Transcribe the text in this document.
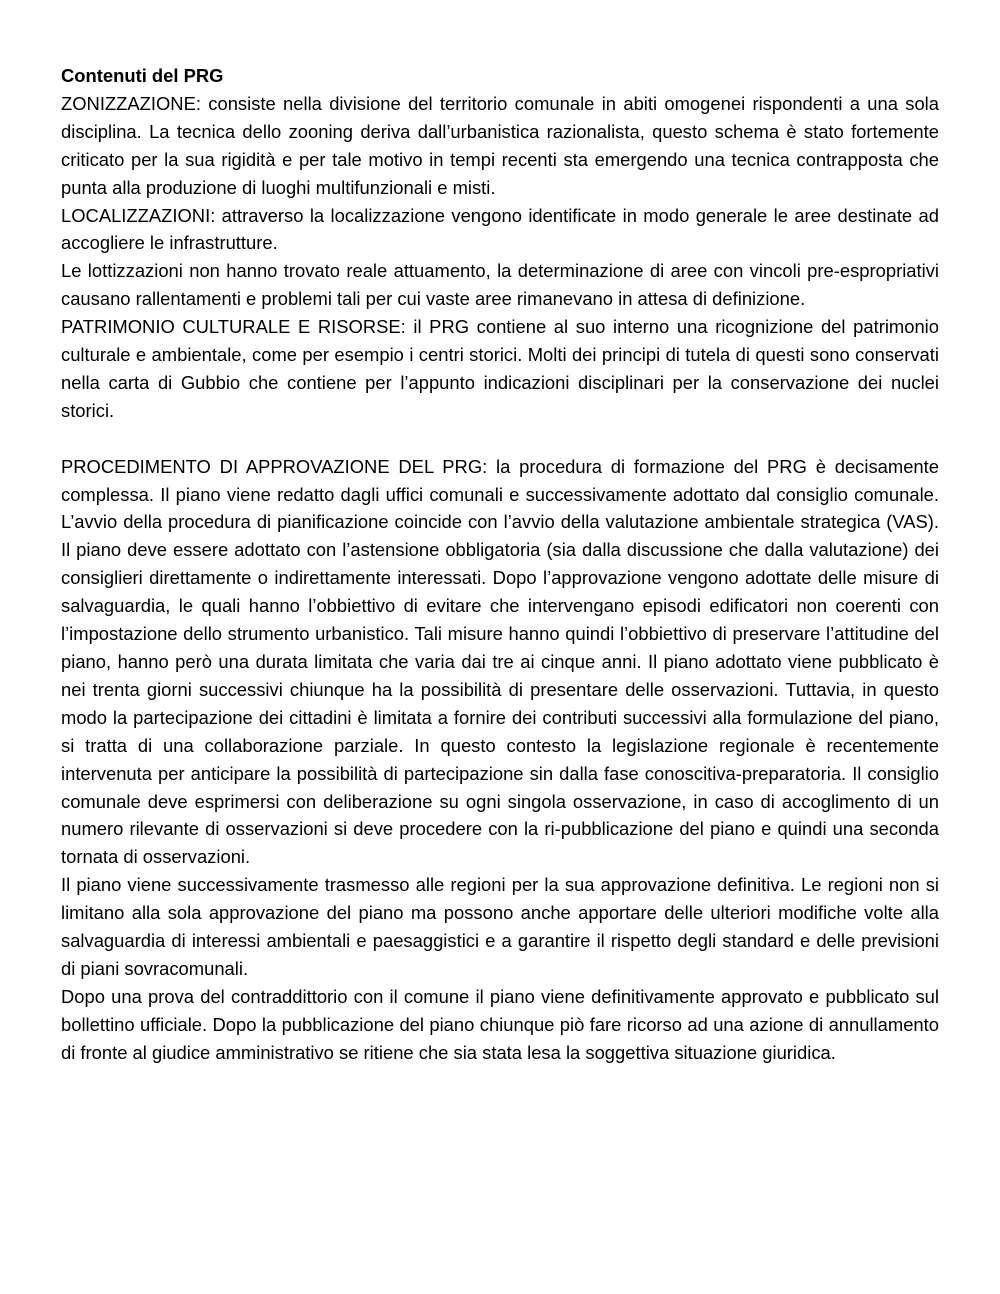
Contenuti del PRG

ZONIZZAZIONE: consiste nella divisione del territorio comunale in abiti omogenei rispondenti a una sola disciplina. La tecnica dello zooning deriva dall’urbanistica razionalista, questo schema è stato fortemente criticato per la sua rigidità e per tale motivo in tempi recenti sta emergendo una tecnica contrapposta che punta alla produzione di luoghi multifunzionali e misti.

LOCALIZZAZIONI: attraverso la localizzazione vengono identificate in modo generale le aree destinate ad accogliere le infrastrutture.

Le lottizzazioni non hanno trovato reale attuamento, la determinazione di aree con vincoli pre-espropriativi causano rallentamenti e problemi tali per cui vaste aree rimanevano in attesa di definizione.

PATRIMONIO CULTURALE E RISORSE: il PRG contiene al suo interno una ricognizione del patrimonio culturale e ambientale, come per esempio i centri storici. Molti dei principi di tutela di questi sono conservati nella carta di Gubbio che contiene per l’appunto indicazioni disciplinari per la conservazione dei nuclei storici.

PROCEDIMENTO DI APPROVAZIONE DEL PRG: la procedura di formazione del PRG è decisamente complessa. Il piano viene redatto dagli uffici comunali e successivamente adottato dal consiglio comunale. L’avvio della procedura di pianificazione coincide con l’avvio della valutazione ambientale strategica (VAS). Il piano deve essere adottato con l’astensione obbligatoria (sia dalla discussione che dalla valutazione) dei consiglieri direttamente o indirettamente interessati. Dopo l’approvazione vengono adottate delle misure di salvaguardia, le quali hanno l’obbiettivo di evitare che intervengano episodi edificatori non coerenti con l’impostazione dello strumento urbanistico. Tali misure hanno quindi l’obbiettivo di preservare l’attitudine del piano, hanno però una durata limitata che varia dai tre ai cinque anni. Il piano adottato viene pubblicato è nei trenta giorni successivi chiunque ha la possibilità di presentare delle osservazioni. Tuttavia, in questo modo la partecipazione dei cittadini è limitata a fornire dei contributi successivi alla formulazione del piano, si tratta di una collaborazione parziale. In questo contesto la legislazione regionale è recentemente intervenuta per anticipare la possibilità di partecipazione sin dalla fase conoscitiva-preparatoria. Il consiglio comunale deve esprimersi con deliberazione su ogni singola osservazione, in caso di accoglimento di un numero rilevante di osservazioni si deve procedere con la ri-pubblicazione del piano e quindi una seconda tornata di osservazioni.

Il piano viene successivamente trasmesso alle regioni per la sua approvazione definitiva. Le regioni non si limitano alla sola approvazione del piano ma possono anche apportare delle ulteriori modifiche volte alla salvaguardia di interessi ambientali e paesaggistici e a garantire il rispetto degli standard e delle previsioni di piani sovracomunali.

Dopo una prova del contraddittorio con il comune il piano viene definitivamente approvato e pubblicato sul bollettino ufficiale. Dopo la pubblicazione del piano chiunque piò fare ricorso ad una azione di annullamento di fronte al giudice amministrativo se ritiene che sia stata lesa la soggettiva situazione giuridica.
